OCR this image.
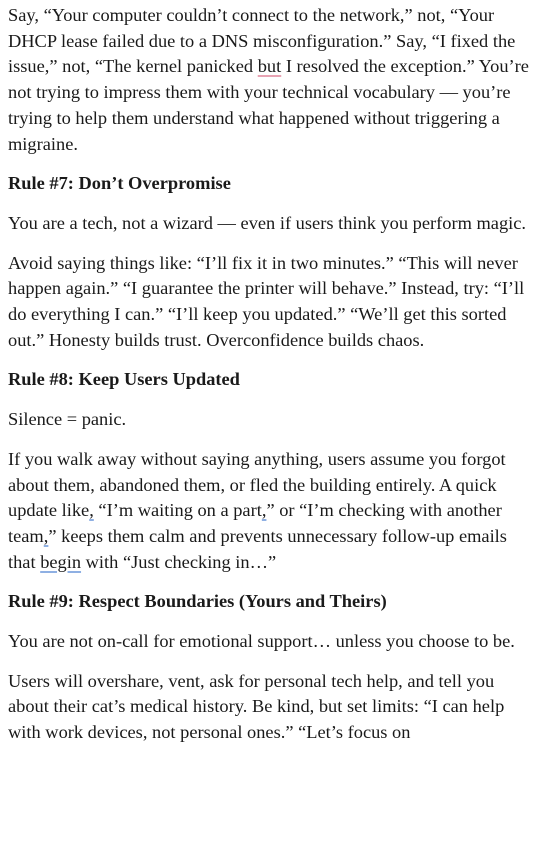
Say, “Your computer couldn’t connect to the network,” not, “Your DHCP lease failed due to a DNS misconfiguration.” Say, “I fixed the issue,” not, “The kernel panicked but I resolved the exception.” You’re not trying to impress them with your technical vocabulary — you’re trying to help them understand what happened without triggering a migraine.

Rule #7: Don’t Overpromise

You are a tech, not a wizard — even if users think you perform magic.

Avoid saying things like: “I’ll fix it in two minutes.” “This will never happen again.” “I guarantee the printer will behave.” Instead, try: “I’ll do everything I can.” “I’ll keep you updated.” “We’ll get this sorted out.” Honesty builds trust. Overconfidence builds chaos.

Rule #8: Keep Users Updated

Silence = panic.

If you walk away without saying anything, users assume you forgot about them, abandoned them, or fled the building entirely. A quick update like, “I’m waiting on a part,” or “I’m checking with another team,” keeps them calm and prevents unnecessary follow-up emails that begin with “Just checking in…”

Rule #9: Respect Boundaries (Yours and Theirs)

You are not on-call for emotional support… unless you choose to be.

Users will overshare, vent, ask for personal tech help, and tell you about their cat’s medical history. Be kind, but set limits: “I can help with work devices, not personal ones.” “Let’s focus on
